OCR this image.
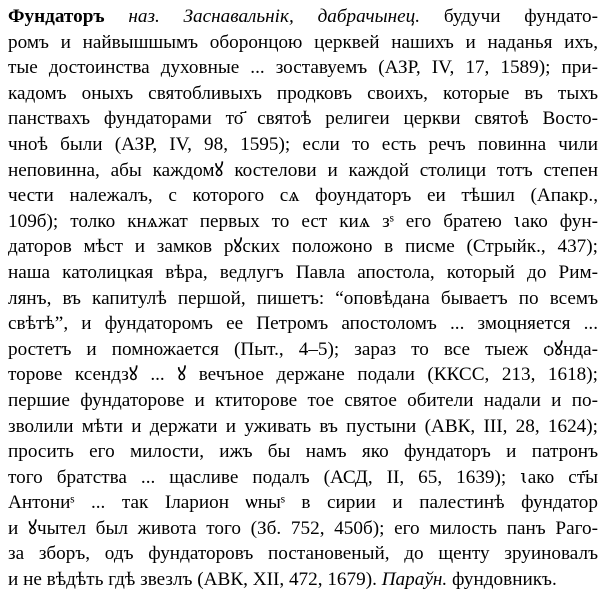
Фундаторъ наз. Заснавальнік, дабрачынец. будучи фундато-
ромъ и найвышшымъ оборонцою церквей нашихъ и наданья ихъ,
тые достоинства духовные ... зоставуемъ (АЗР, IV, 17, 1589); при-
кадомъ оныхъ святобливыхъ продковъ своихъ, которые въ тыхъ
панствахъ фундаторами то҃ святоѣ религеи церкви святоѣ Восто-
чноѣ были (АЗР, IV, 98, 1595); если то есть речъ повинна чили
неповинна, абы каждомꙋ костелови и каждой столици тотъ степен
чести належалъ, с которого сѧ фоундаторъ еи тѣшил (Апакр.,
109б); толко кнѧжат первых то ест киѧ зˢ его братею ꙇако фун-
даторов мѣст и замков рꙋских положоно в писме (Стрыйк., 437);
наша католицкая вѣра, ведлугъ Павла апостола, который до Рим-
лянъ, въ капитулѣ першой, пишетъ: “оповѣдана бываетъ по всемъ
свѣтѣ”, и фундаторомъ ее Петромъ апостоломъ ... змоцняется ...
ростетъ и помножается (Пыт., 4–5); зараз то все тыеж ѻꙋнда-
торове ксендзꙋ ... ꙋ вечъное держане подали (ККСС, 213, 1618);
першие фундаторове и ктиторове тое святое обители надали и по-
зволили мѣти и держати и уживать въ пустыни (АВК, III, 28, 1624);
просить его милости, ижъ бы намъ яко фундаторъ и патронъ
того братства ... щасливе подалъ (АСД, II, 65, 1639); ꙇако ст҃ы
Антониˢ ... так Іларион ѡныˢ в сирии и палестинѣ фундатор
и ꙋчытел был живота того (Зб. 752, 450б); его милость панъ Раго-
за зборъ, одъ фундаторовъ постановеный, до щенту зруиновалъ
и не вѣдѣть гдѣ звезлъ (АВК, XII, 472, 1679). Параўн. фундовникъ.
